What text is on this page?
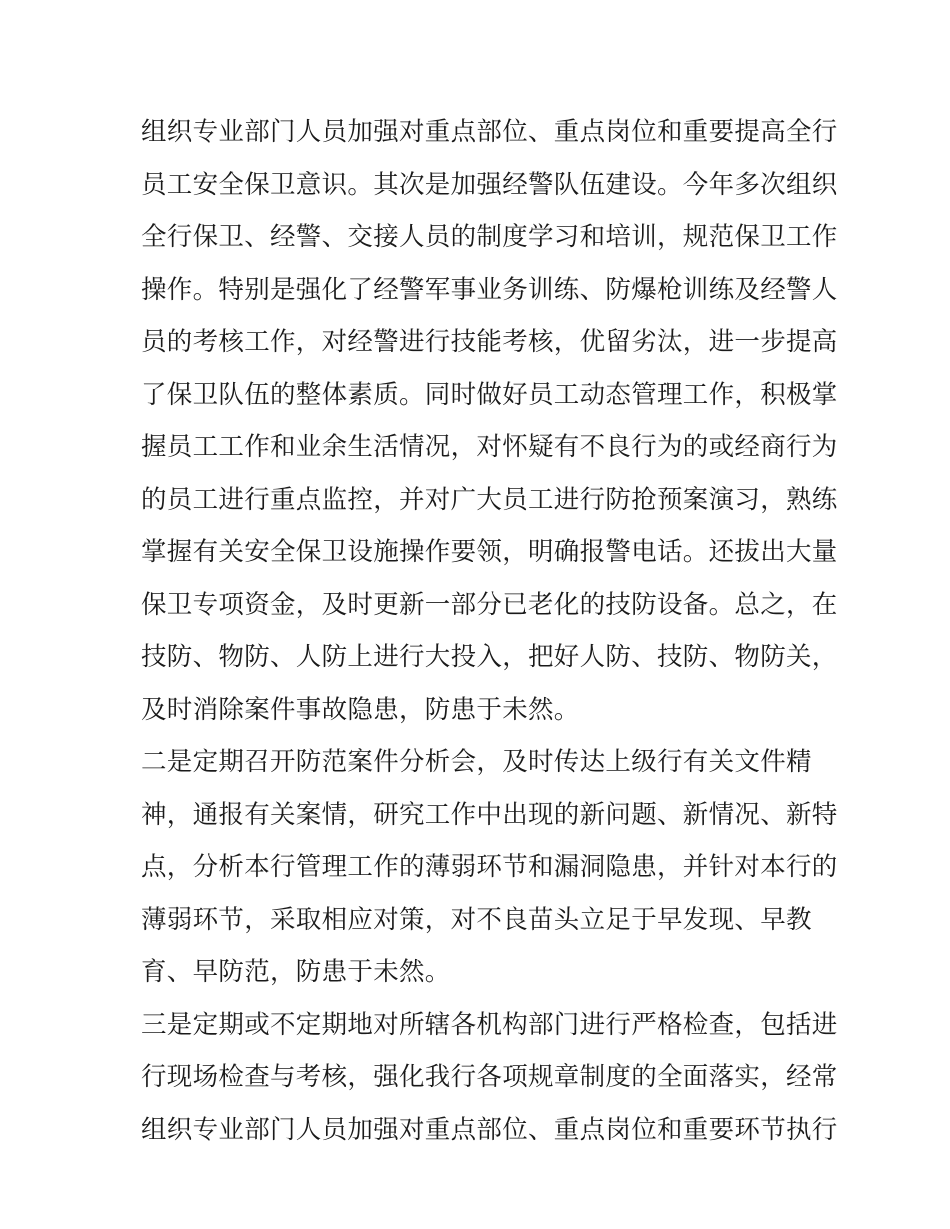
组织专业部门人员加强对重点部位、重点岗位和重要提高全行
员工安全保卫意识。其次是加强经警队伍建设。今年多次组织
全行保卫、经警、交接人员的制度学习和培训，规范保卫工作
操作。特别是强化了经警军事业务训练、防爆枪训练及经警人
员的考核工作，对经警进行技能考核，优留劣汰，进一步提高
了保卫队伍的整体素质。同时做好员工动态管理工作，积极掌
握员工工作和业余生活情况，对怀疑有不良行为的或经商行为
的员工进行重点监控，并对广大员工进行防抢预案演习，熟练
掌握有关安全保卫设施操作要领，明确报警电话。还拔出大量
保卫专项资金，及时更新一部分已老化的技防设备。总之，在
技防、物防、人防上进行大投入，把好人防、技防、物防关，
及时消除案件事故隐患，防患于未然。
二是定期召开防范案件分析会，及时传达上级行有关文件精
神，通报有关案情，研究工作中出现的新问题、新情况、新特
点，分析本行管理工作的薄弱环节和漏洞隐患，并针对本行的
薄弱环节，采取相应对策，对不良苗头立足于早发现、早教
育、早防范，防患于未然。
三是定期或不定期地对所辖各机构部门进行严格检查，包括进
行现场检查与考核，强化我行各项规章制度的全面落实，经常
组织专业部门人员加强对重点部位、重点岗位和重要环节执行
